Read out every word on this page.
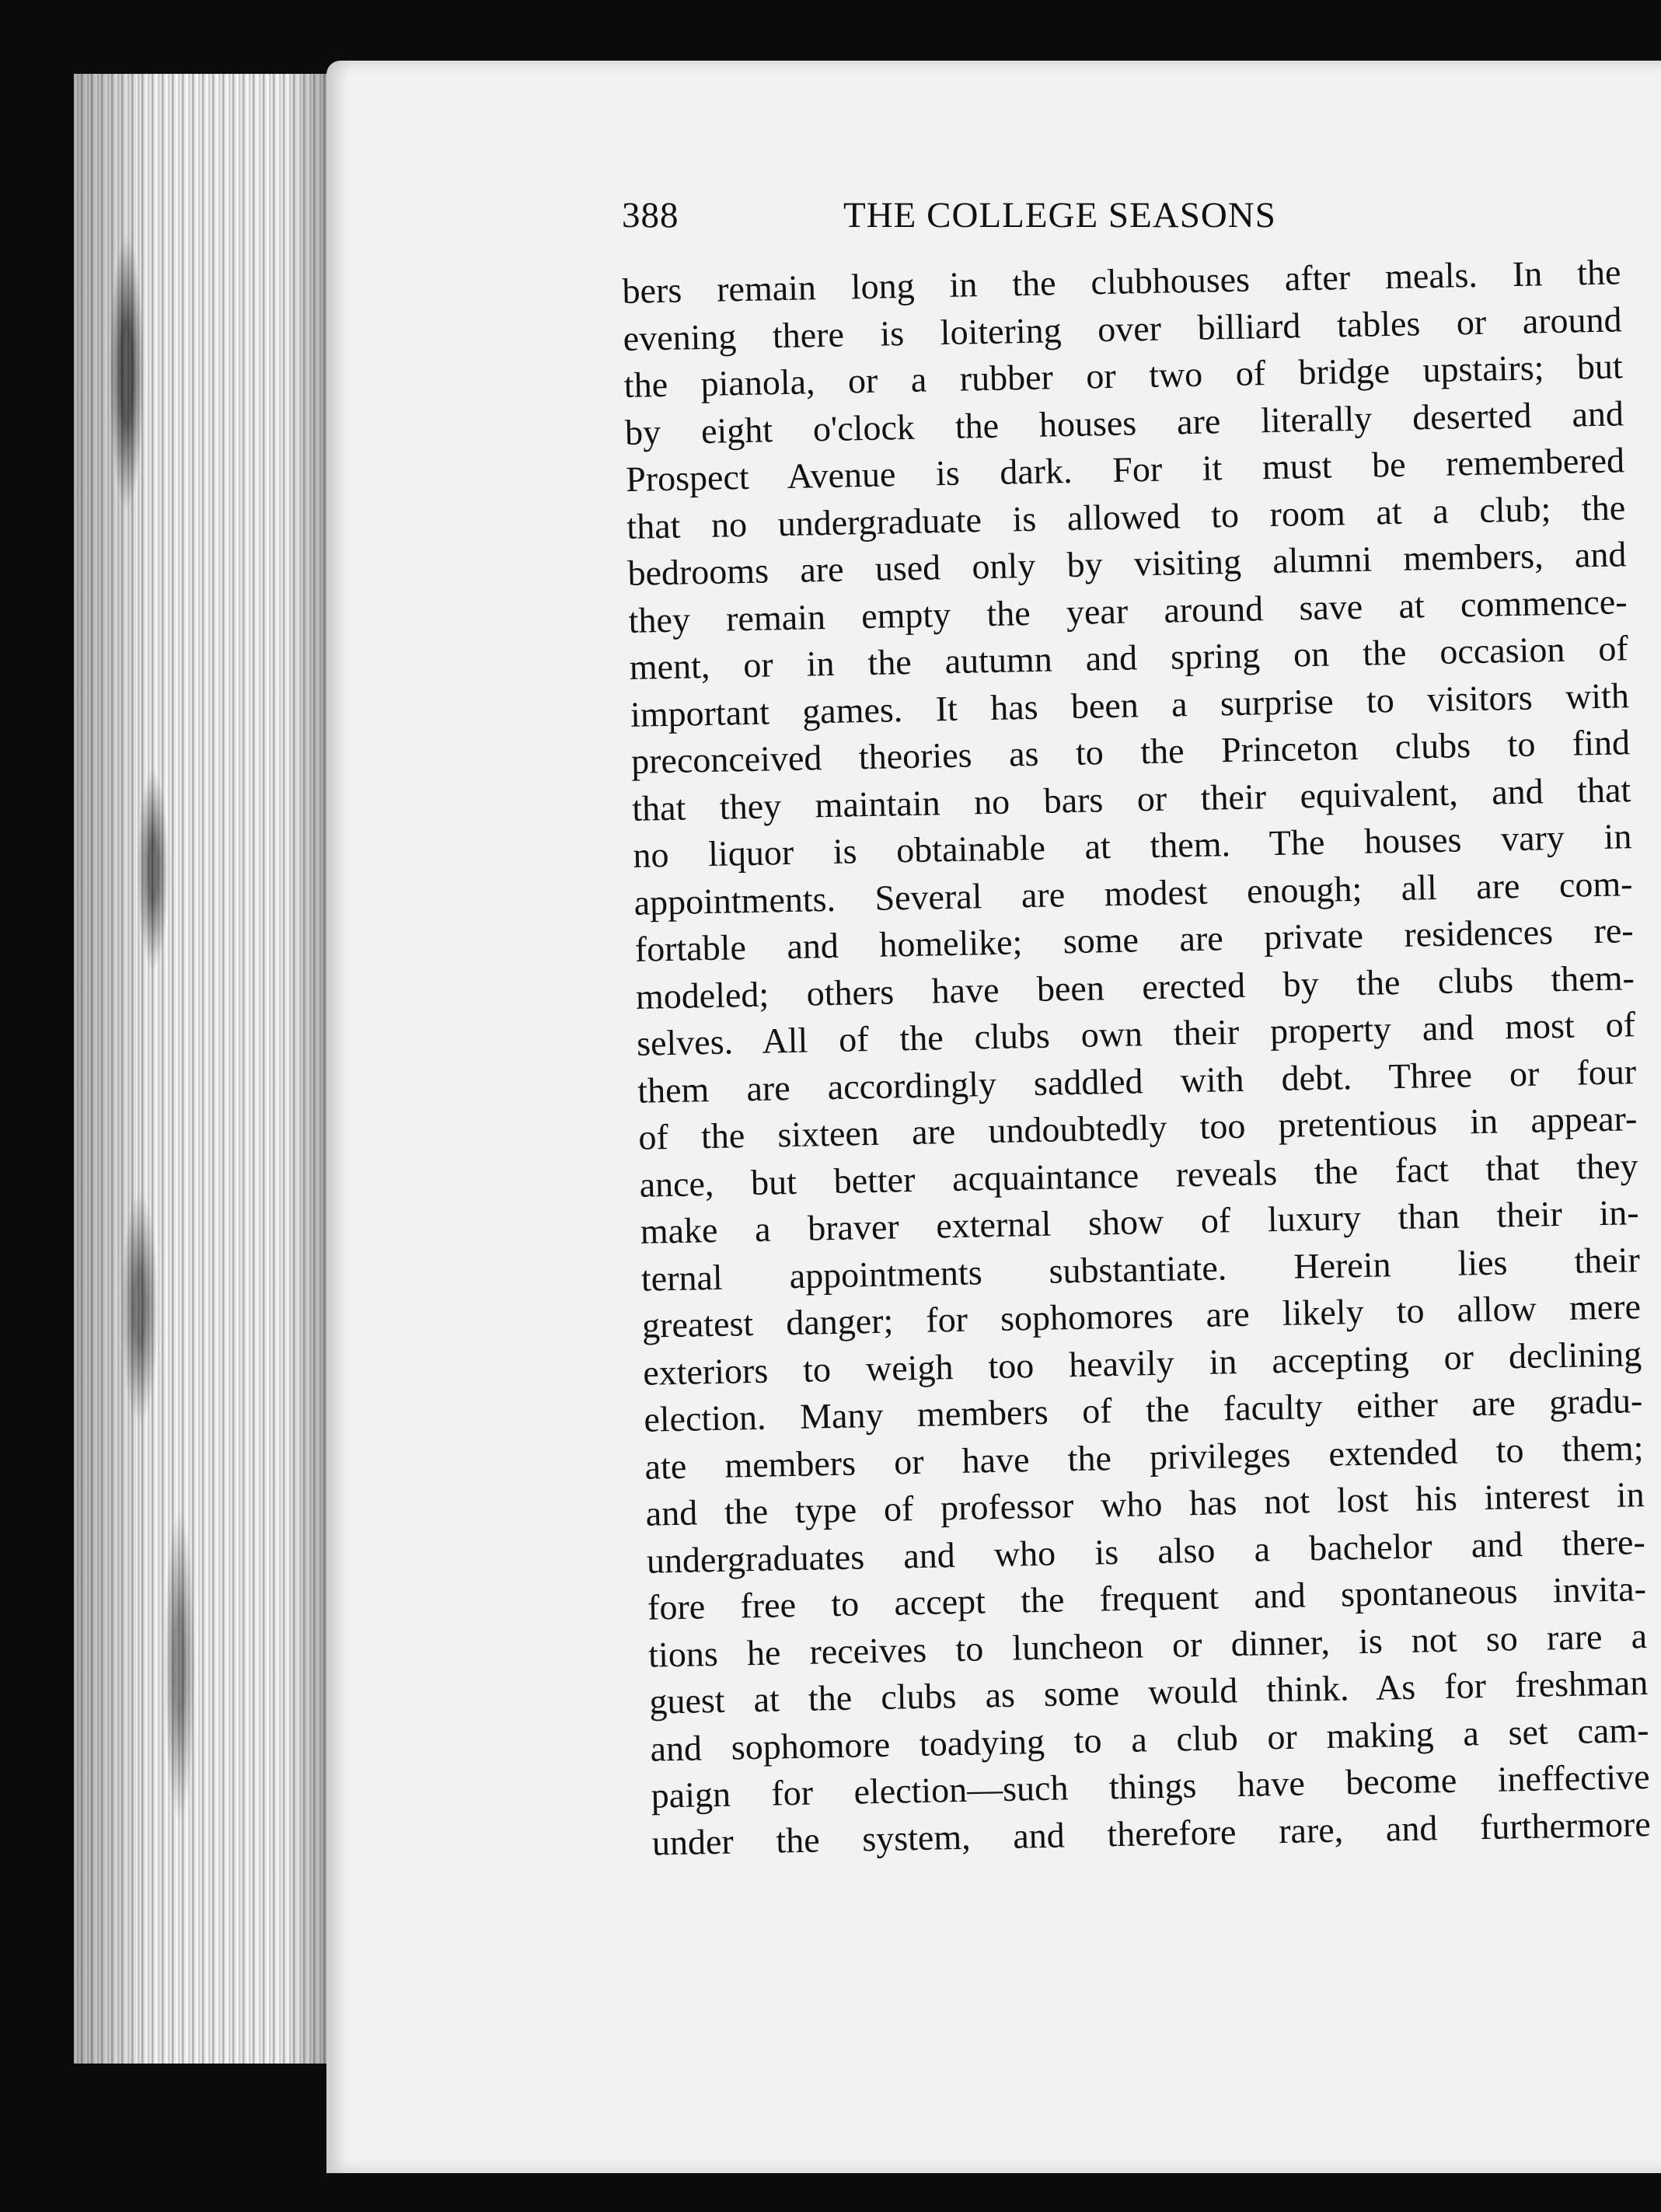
388	THE COLLEGE SEASONS
bers remain long in the clubhouses after meals. In the
evening there is loitering over billiard tables or around
the pianola, or a rubber or two of bridge upstairs; but
by eight o'clock the houses are literally deserted and
Prospect Avenue is dark. For it must be remembered
that no undergraduate is allowed to room at a club; the
bedrooms are used only by visiting alumni members, and
they remain empty the year around save at commence-
ment, or in the autumn and spring on the occasion of
important games. It has been a surprise to visitors with
preconceived theories as to the Princeton clubs to find
that they maintain no bars or their equivalent, and that
no liquor is obtainable at them. The houses vary in
appointments. Several are modest enough; all are com-
fortable and homelike; some are private residences re-
modeled; others have been erected by the clubs them-
selves. All of the clubs own their property and most of
them are accordingly saddled with debt. Three or four
of the sixteen are undoubtedly too pretentious in appear-
ance, but better acquaintance reveals the fact that they
make a braver external show of luxury than their in-
ternal appointments substantiate. Herein lies their
greatest danger; for sophomores are likely to allow mere
exteriors to weigh too heavily in accepting or declining
election. Many members of the faculty either are gradu-
ate members or have the privileges extended to them;
and the type of professor who has not lost his interest in
undergraduates and who is also a bachelor and there-
fore free to accept the frequent and spontaneous invita-
tions he receives to luncheon or dinner, is not so rare a
guest at the clubs as some would think. As for freshman
and sophomore toadying to a club or making a set cam-
paign for election—such things have become ineffective
under the system, and therefore rare, and furthermore
